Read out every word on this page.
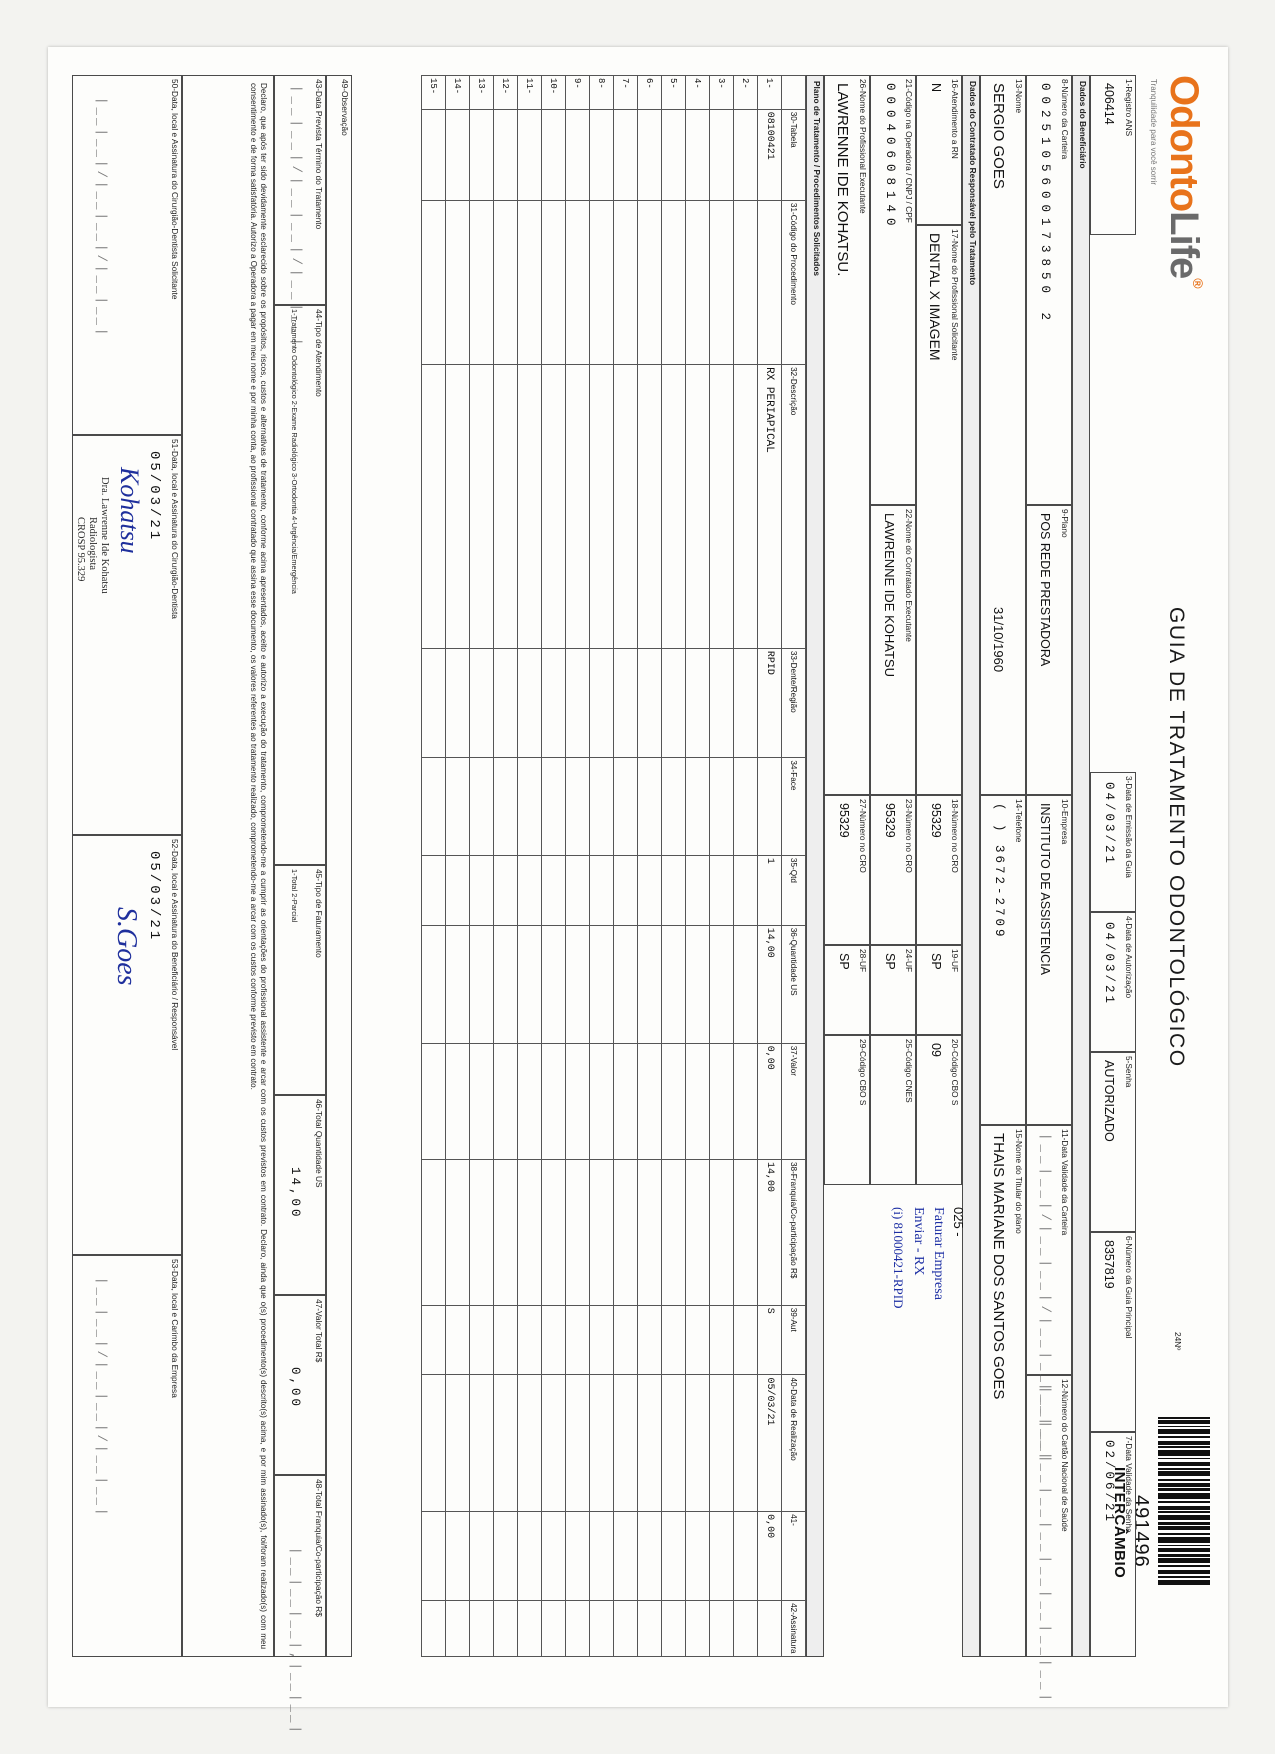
OdontoLife®
Tranquilidade para você sorrir
GUIA DE TRATAMENTO ODONTOLÓGICO
24Nº
491496
INTERCÂMBIO
1-Registro ANS
406414
3-Data de Emissão da Guia
04/03/21
4-Data de Autorização
04/03/21
5-Senha
AUTORIZADO
6-Número da Guia Principal
8357819
7-Data Validade da Senha
02/06/21
Dados do Beneficiário
8-Número da Carteira
0025105600173850 2
9-Plano
POS REDE PRESTADORA
10-Empresa
INSTITUTO DE ASSISTENCIA
11-Data Validade da Carteira
|__|__|/|__|__|/|__|__|__|__| 12-Número do Cartão Nacional de Saúde
|__|__|__|__|__|__|__|__|__|
13-Nome
SERGIO GOES
31/10/1960
14-Telefone
( ) 3672-2709
15-Nome do Titular do plano
THAIS MARIANE DOS SANTOS GOES
Dados do Contratado Responsável pelo Tratamento
16-Atendimento a RN
N
17-Nome do Profissional Solicitante
DENTAL X IMAGEM
18-Número no CRO
95329
19-UF
SP
20-Código CBO S
09
025 -
Faturar Empresa
Enviar - RX
(i) 81000421-RPID
21-Código na Operadora / CNPJ / CPF
00040608140
22-Nome do Contratado Executante
LAWRENNE IDE KOHATSU
23-Número no CRO
95329
24-UF
SP
25-Código CNES
26-Nome do Profissional Executante
LAWRENNE IDE KOHATSU.
27-Número no CRO
95329
28-UF
SP
29-Código CBO S
Plano de Tratamento / Procedimentos Solicitados
	30-Tabela	31-Código do Procedimento	32-Descrição	33-Dente/Região	34-Face	35-Qtd	36-Quantidade US	37-Valor	38-Franquia/Co-participação R$	39-Aut	40-Data de Realização	41-	42-Assinatura
1-	08100421		RX PERIAPICAL	RPID		1	14,00	0,00	14,00	S	05/03/21	0,00	
2-													
3-													
4-													
5-													
6-													
7-													
8-													
9-													
10-													
11-													
12-													
13-													
14-													
15-													
49-Observação
43-Data Prevista Término do Tratamento
|__|__|/|__|__|/|__|__|
44-Tipo de Atendimento
1-Tratamento Odontológico 2-Exame Radiológico 3-Ortodontia 4-Urgência/Emergência
45-Tipo de Faturamento
1-Total 2-Parcial
46-Total Quantidade US
14,00
47-Valor Total R$
0,00
48-Total Franquia/Co-participação R$
|__|__|__|,|__|__|
Declaro, que após ter sido devidamente esclarecido sobre os propósitos, riscos, custos e alternativas de tratamento, conforme acima apresentados, aceito e autorizo a execução do tratamento, comprometendo-me a cumprir as orientações do profissional assistente e arcar com os custos previstos em contrato. Declaro, ainda que o(s) procedimento(s) descrito(s) acima, e por mim assinado(s), foi/foram realizado(s) com meu consentimento e de forma satisfatória. Autorizo a Operadora a pagar em meu nome e por minha conta, ao profissional contratado que assina esse documento, os valores referentes ao tratamento realizado, comprometendo-me a arcar com os custos conforme previsto em contrato.
50-Data, local e Assinatura do Cirurgião-Dentista Solicitante
|__|__|/|__|__|/|__|__|
51-Data, local e Assinatura do Cirurgião-Dentista
05/03/21
Kohatsu
Dra. Lawrenne Ide Kohatsu
Radiologista
CROSP 95.329
52-Data, local e Assinatura do Beneficiário / Responsável
05/03/21
S.Goes
53-Data, local e Carimbo da Empresa
|__|__|/|__|__|/|__|__|
